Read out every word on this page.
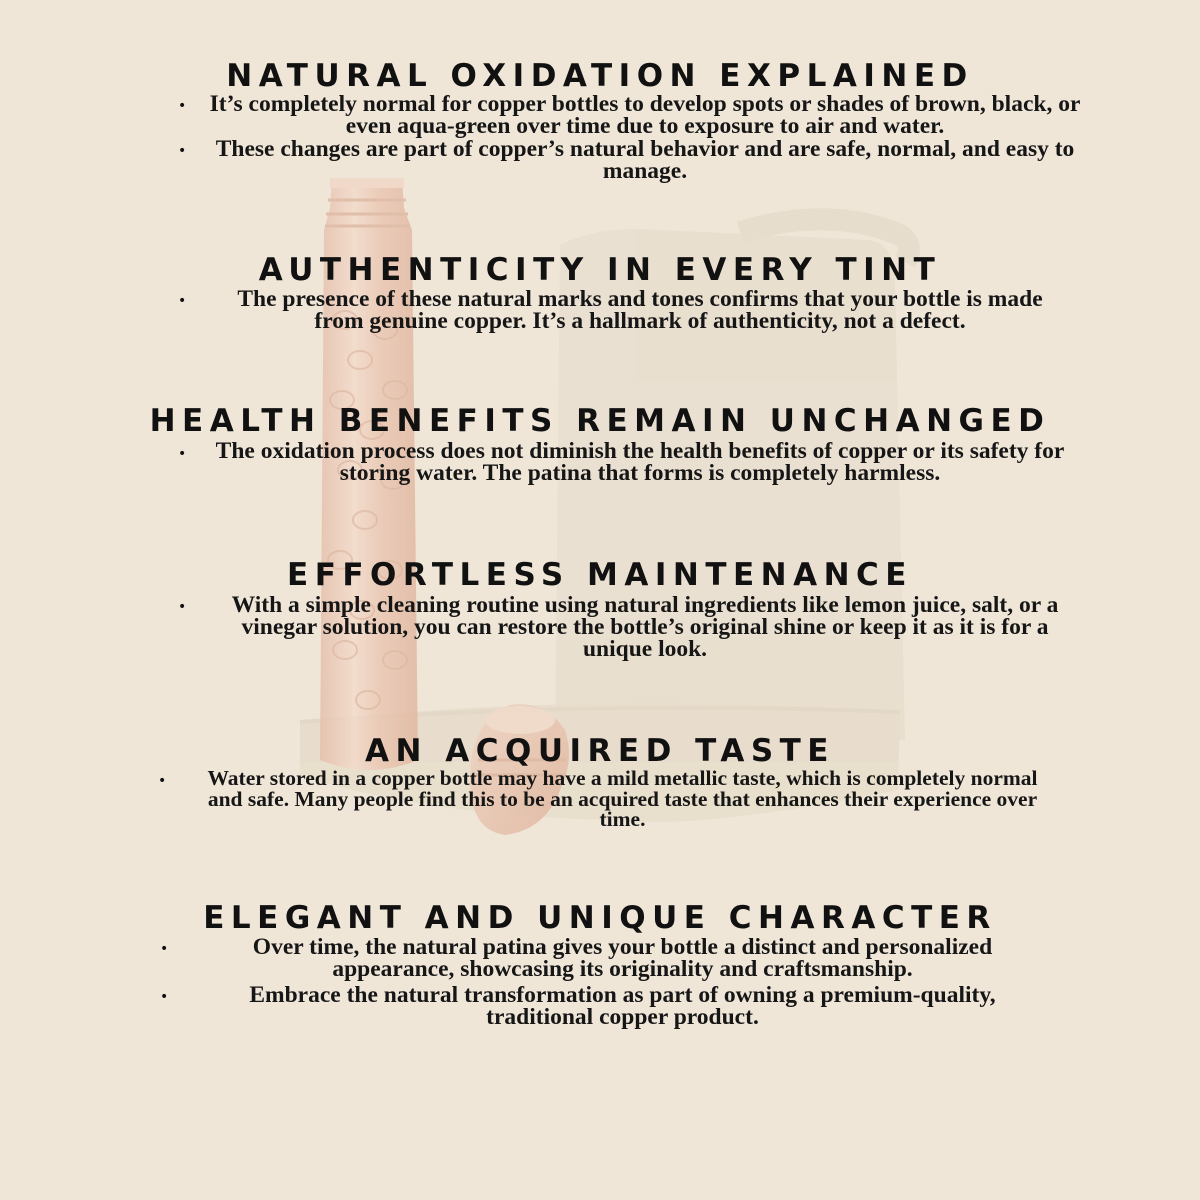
NATURAL OXIDATION EXPLAINED
• It’s completely normal for copper bottles to develop spots or shades of brown, black, or even aqua-green over time due to exposure to air and water.

•	These changes are part of copper’s natural behavior and are safe, normal, and easy to manage.

AUTHENTICITY IN EVERY TINT
•	The presence of these natural marks and tones confirms that your bottle is made from genuine copper. It’s a hallmark of authenticity, not a defect.

HEALTH BENEFITS REMAIN UNCHANGED
• The oxidation process does not diminish the health benefits of copper or its safety for storing water. The patina that forms is completely harmless.

EFFORTLESS MAINTENANCE
•	With a simple cleaning routine using natural ingredients like lemon juice, salt, or a vinegar solution, you can restore the bottle’s original shine or keep it as it is for a unique look.

AN ACQUIRED TASTE
•	Water stored in a copper bottle may have a mild metallic taste, which is completely normal and safe. Many people find this to be an acquired taste that enhances their experience over time.

ELEGANT AND UNIQUE CHARACTER
•	Over time, the natural patina gives your bottle a distinct and personalized appearance, showcasing its originality and craftsmanship.

•	Embrace the natural transformation as part of owning a premium-quality, traditional copper product.
